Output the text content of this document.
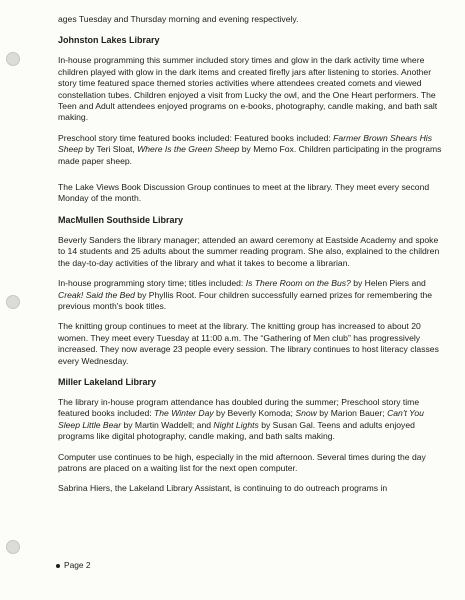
ages Tuesday and Thursday morning and evening respectively.

Johnston Lakes Library

In-house programming this summer included story times and glow in the dark activity time where children played with glow in the dark items and created firefly jars after listening to stories. Another story time featured space themed stories activities where attendees created comets and viewed constellation tubes. Children enjoyed a visit from Lucky the owl, and the One Heart performers. The Teen and Adult attendees enjoyed programs on e-books, photography, candle making, and bath salt making.

Preschool story time featured books included: Featured books included: Farmer Brown Shears His Sheep by Teri Sloat, Where Is the Green Sheep by Memo Fox. Children participating in the programs made paper sheep.

The Lake Views Book Discussion Group continues to meet at the library. They meet every second Monday of the month.

MacMullen Southside Library

Beverly Sanders the library manager; attended an award ceremony at Eastside Academy and spoke to 14 students and 25 adults about the summer reading program. She also, explained to the children the day-to-day activities of the library and what it takes to become a librarian.

In-house programming story time; titles included: Is There Room on the Bus? by Helen Piers and Creak! Said the Bed by Phyllis Root. Four children successfully earned prizes for remembering the previous month's book titles.

The knitting group continues to meet at the library. The knitting group has increased to about 20 women. They meet every Tuesday at 11:00 a.m. The “Gathering of Men club” has progressively increased. They now average 23 people every session. The library continues to host literacy classes every Wednesday.

Miller Lakeland Library

The library in-house program attendance has doubled during the summer; Preschool story time featured books included: The Winter Day by Beverly Komoda; Snow by Marion Bauer; Can't You Sleep Little Bear by Martin Waddell; and Night Lights by Susan Gal. Teens and adults enjoyed programs like digital photography, candle making, and bath salts making.

Computer use continues to be high, especially in the mid afternoon. Several times during the day patrons are placed on a waiting list for the next open computer.

Sabrina Hiers, the Lakeland Library Assistant, is continuing to do outreach programs in

Page 2
